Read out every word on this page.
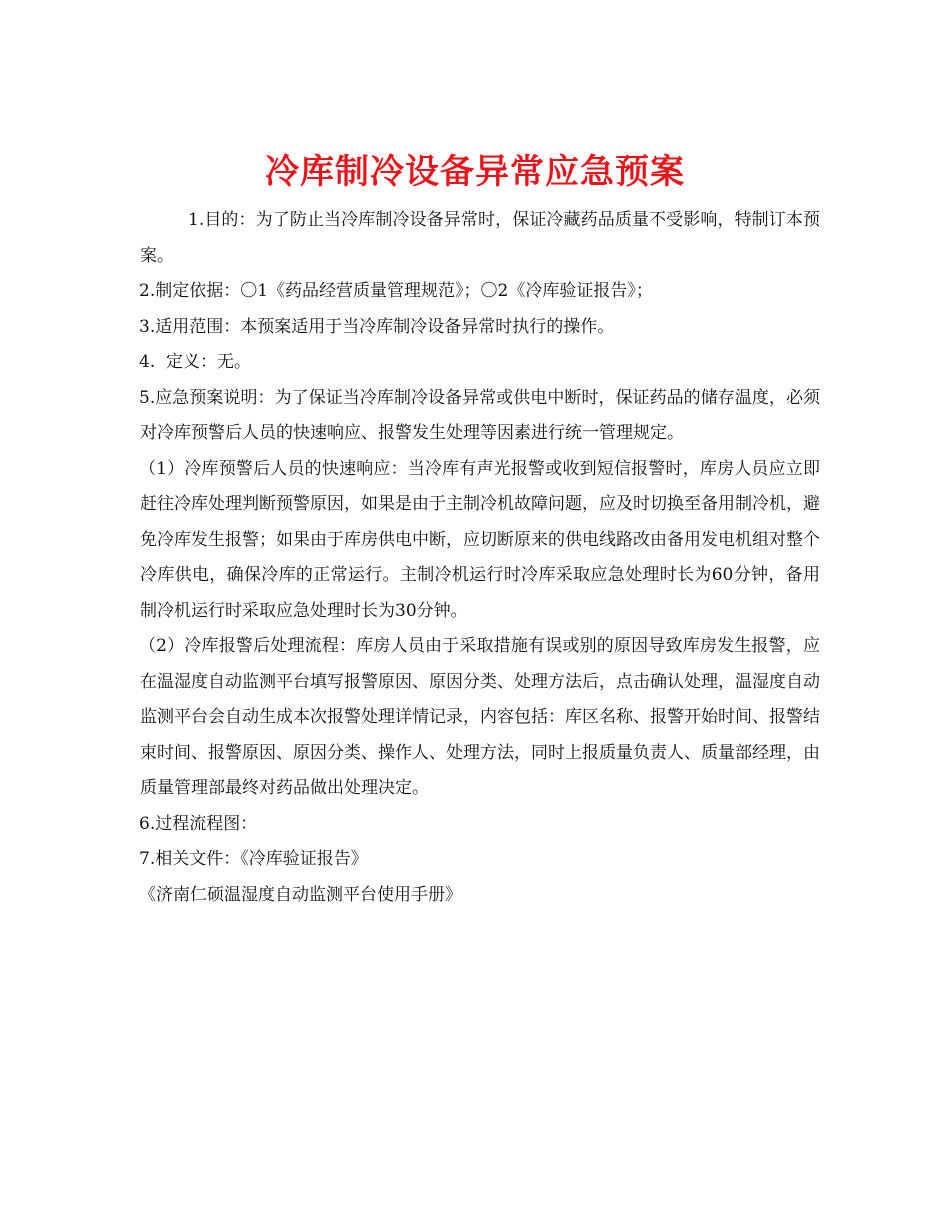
冷库制冷设备异常应急预案

1.目的：为了防止当冷库制冷设备异常时，保证冷藏药品质量不受影响，特制订本预案。

2.制定依据：〇1《药品经营质量管理规范》；〇2《冷库验证报告》；

3.适用范围：本预案适用于当冷库制冷设备异常时执行的操作。

4.  定义：无。

5.应急预案说明：为了保证当冷库制冷设备异常或供电中断时，保证药品的储存温度，必须对冷库预警后人员的快速响应、报警发生处理等因素进行统一管理规定。

（1）冷库预警后人员的快速响应：当冷库有声光报警或收到短信报警时，库房人员应立即赶往冷库处理判断预警原因，如果是由于主制冷机故障问题，应及时切换至备用制冷机，避免冷库发生报警；如果由于库房供电中断，应切断原来的供电线路改由备用发电机组对整个冷库供电，确保冷库的正常运行。主制冷机运行时冷库采取应急处理时长为60分钟，备用制冷机运行时采取应急处理时长为30分钟。

（2）冷库报警后处理流程：库房人员由于采取措施有误或别的原因导致库房发生报警，应在温湿度自动监测平台填写报警原因、原因分类、处理方法后，点击确认处理，温湿度自动监测平台会自动生成本次报警处理详情记录，内容包括：库区名称、报警开始时间、报警结束时间、报警原因、原因分类、操作人、处理方法，同时上报质量负责人、质量部经理，由质量管理部最终对药品做出处理决定。

6.过程流程图：

7.相关文件：《冷库验证报告》

《济南仁硕温湿度自动监测平台使用手册》
